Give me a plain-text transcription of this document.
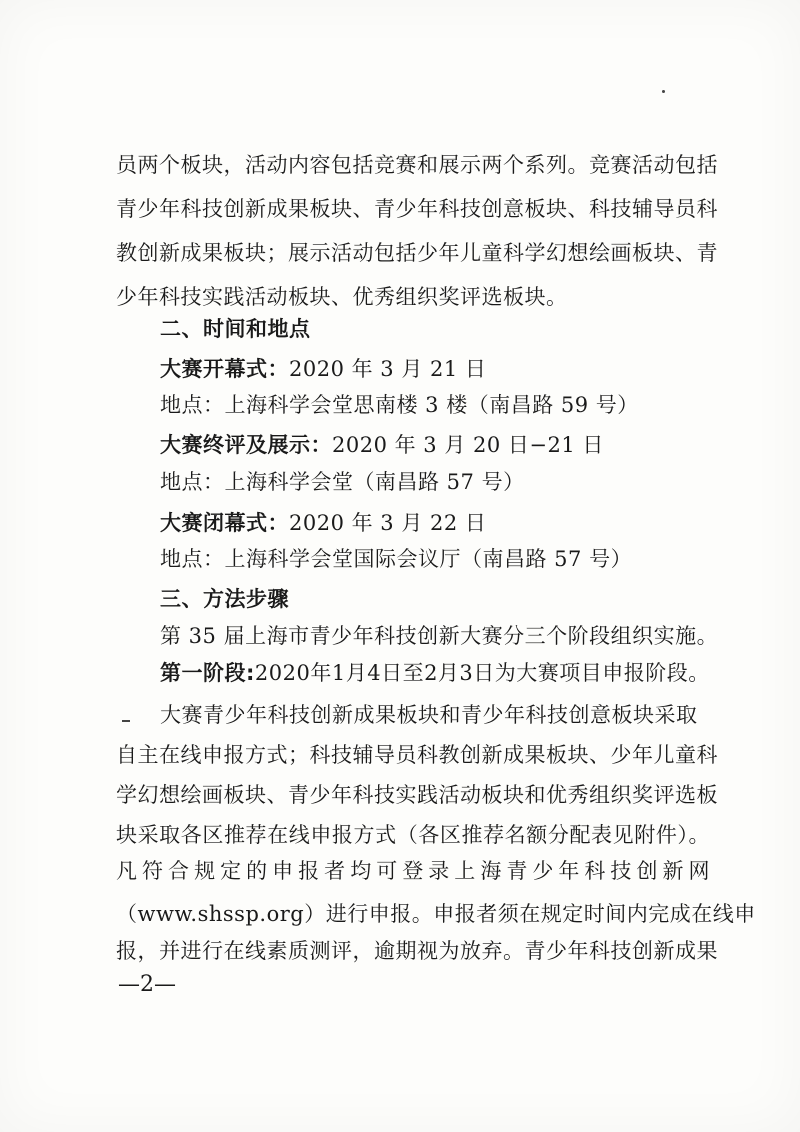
员两个板块，活动内容包括竞赛和展示两个系列。竞赛活动包括
青少年科技创新成果板块、青少年科技创意板块、科技辅导员科
教创新成果板块；展示活动包括少年儿童科学幻想绘画板块、青
少年科技实践活动板块、优秀组织奖评选板块。
二、时间和地点
大赛开幕式：2020 年 3 月 21 日
地点：上海科学会堂思南楼 3 楼（南昌路 59 号）
大赛终评及展示：2020 年 3 月 20 日−21 日
地点：上海科学会堂（南昌路 57 号）
大赛闭幕式：2020 年 3 月 22 日
地点：上海科学会堂国际会议厅（南昌路 57 号）
三、方法步骤
第 35 届上海市青少年科技创新大赛分三个阶段组织实施。
第一阶段:2020年1月4日至2月3日为大赛项目申报阶段。
大赛青少年科技创新成果板块和青少年科技创意板块采取
自主在线申报方式；科技辅导员科教创新成果板块、少年儿童科
学幻想绘画板块、青少年科技实践活动板块和优秀组织奖评选板
块采取各区推荐在线申报方式（各区推荐名额分配表见附件）。
凡符合规定的申报者均可登录上海青少年科技创新网
（www.shssp.org）进行申报。申报者须在规定时间内完成在线申
报，并进行在线素质测评，逾期视为放弃。青少年科技创新成果
—2—
